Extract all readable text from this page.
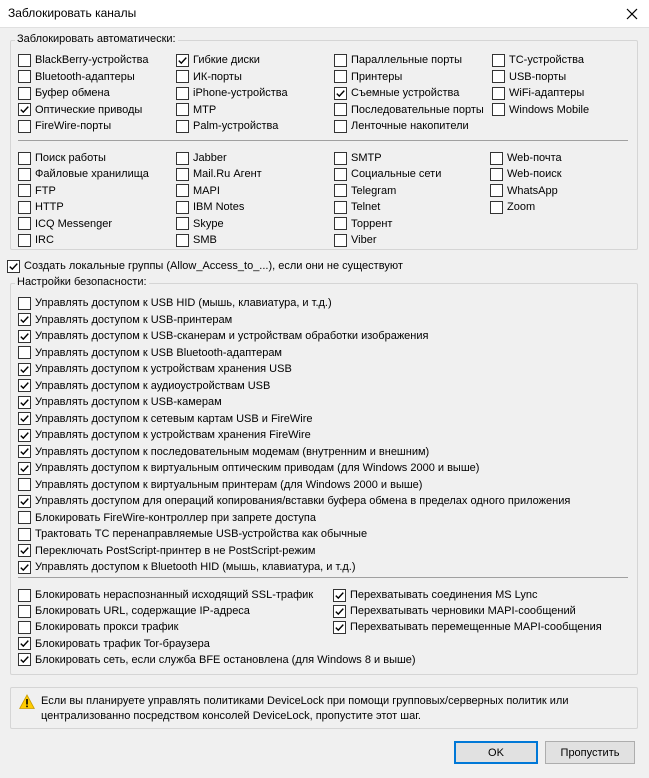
Заблокировать каналы
Заблокировать автоматически:
BlackBerry-устройства
Bluetooth-адаптеры
Буфер обмена
Оптические приводы
FireWire-порты
Гибкие диски
ИК-порты
iPhone-устройства
MTP
Palm-устройства
Параллельные порты
Принтеры
Съемные устройства
Последовательные порты
Ленточные накопители
TC-устройства
USB-порты
WiFi-адаптеры
Windows Mobile
Поиск работы
Файловые хранилища
FTP
HTTP
ICQ Messenger
IRC
Jabber
Mail.Ru Агент
MAPI
IBM Notes
Skype
SMB
SMTP
Социальные сети
Telegram
Telnet
Торрент
Viber
Web-почта
Web-поиск
WhatsApp
Zoom
Создать локальные группы (Allow_Access_to_...), если они не существуют
Настройки безопасности:
Управлять доступом к USB HID (мышь, клавиатура, и т.д.)
Управлять доступом к USB-принтерам
Управлять доступом к USB-сканерам и устройствам обработки изображения
Управлять доступом к USB Bluetooth-адаптерам
Управлять доступом к устройствам хранения USB
Управлять доступом к аудиоустройствам USB
Управлять доступом к USB-камерам
Управлять доступом к сетевым картам USB и FireWire
Управлять доступом к устройствам хранения FireWire
Управлять доступом к последовательным модемам (внутренним и внешним)
Управлять доступом к виртуальным оптическим приводам (для Windows 2000 и выше)
Управлять доступом к виртуальным принтерам (для Windows 2000 и выше)
Управлять доступом для операций копирования/вставки буфера обмена в пределах одного приложения
Блокировать FireWire-контроллер при запрете доступа
Трактовать TC перенаправляемые USB-устройства как обычные
Переключать PostScript-принтер в не PostScript-режим
Управлять доступом к Bluetooth HID (мышь, клавиатура, и т.д.)
Блокировать нераспознанный исходящий SSL-трафик
Блокировать URL, содержащие IP-адреса
Блокировать прокси трафик
Блокировать трафик Tor-браузера
Блокировать сеть, если служба BFE остановлена (для Windows 8 и выше)
Перехватывать соединения MS Lync
Перехватывать черновики MAPI-сообщений
Перехватывать перемещенные MAPI-сообщения
Если вы планируете управлять политиками DeviceLock при помощи групповых/серверных политик или централизованно посредством консолей DeviceLock, пропустите этот шаг.
OK	Пропустить
